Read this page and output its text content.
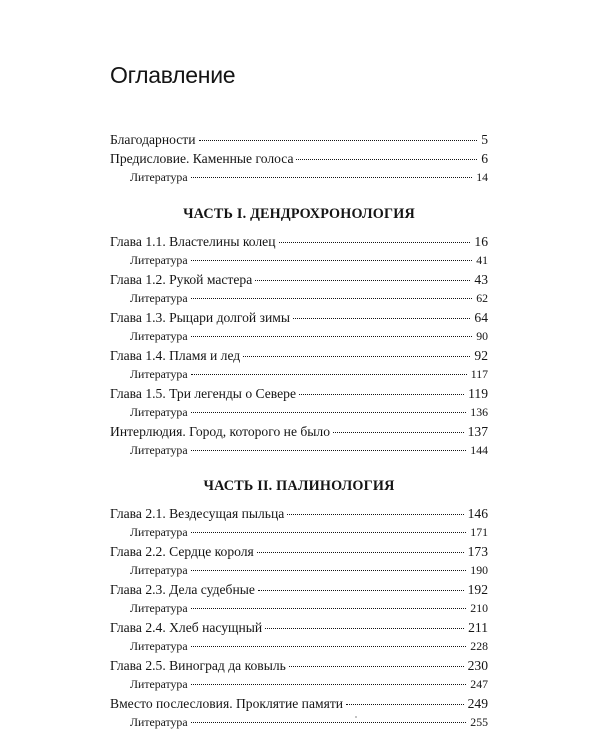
Оглавление
Благодарности	5
Предисловие. Каменные голоса	6
Литература	14
ЧАСТЬ I. ДЕНДРОХРОНОЛОГИЯ
Глава 1.1. Властелины колец	16
Литература	41
Глава 1.2. Рукой мастера	43
Литература	62
Глава 1.3. Рыцари долгой зимы	64
Литература	90
Глава 1.4. Пламя и лед	92
Литература	117
Глава 1.5. Три легенды о Севере	119
Литература	136
Интерлюдия. Город, которого не было	137
Литература	144
ЧАСТЬ II. ПАЛИНОЛОГИЯ
Глава 2.1. Вездесущая пыльца	146
Литература	171
Глава 2.2. Сердце короля	173
Литература	190
Глава 2.3. Дела судебные	192
Литература	210
Глава 2.4. Хлеб насущный	211
Литература	228
Глава 2.5. Виноград да ковыль	230
Литература	247
Вместо послесловия. Проклятие памяти	249
Литература	255
